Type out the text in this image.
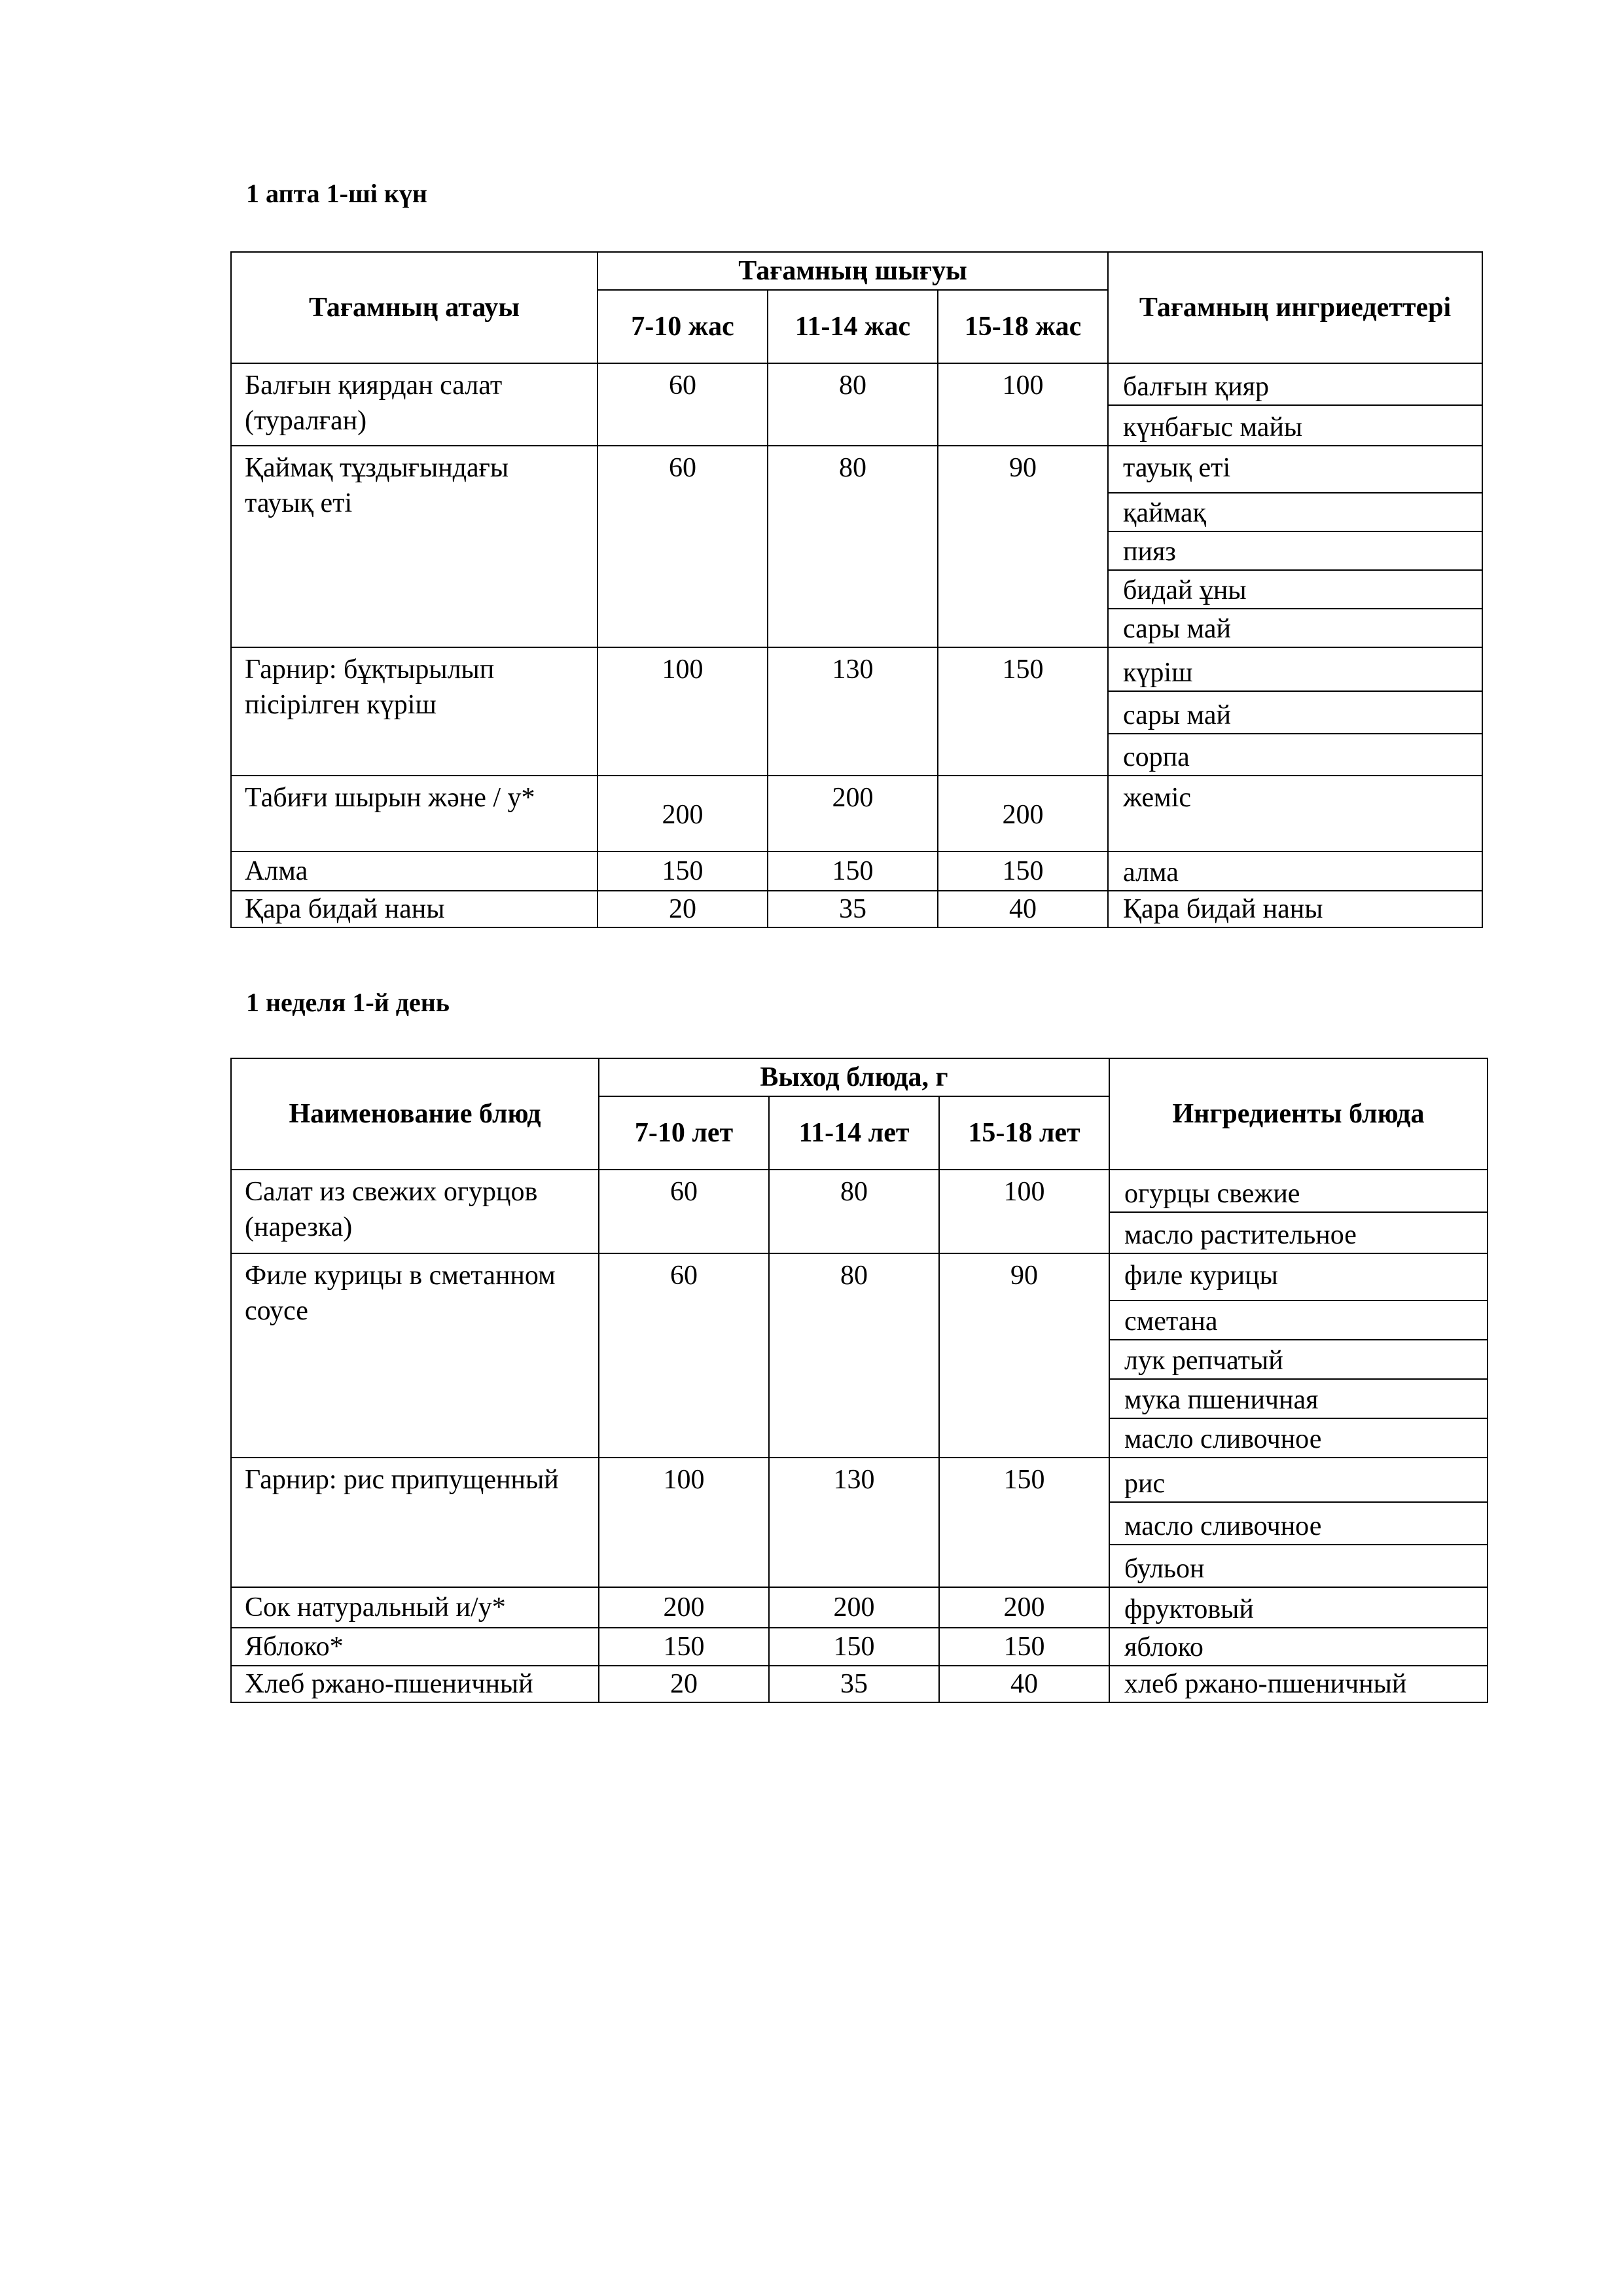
1 апта 1-ші күн
Тағамның атауы	Тағамның шығуы			Тағамның ингриедеттері
	7-10 жас	11-14 жас	15-18 жас	
Балғын қиярдан салат (туралған)	60	80	100	балғын қияр
күнбағыс майы

Қаймақ тұздығындағы тауық еті	60	80	90	тауық еті
қаймақ
пияз
бидай ұны
сары май

Гарнир: бұқтырылып пісірілген күріш	100	130	150	күріш
сары май
сорпа

Табиғи шырын және / у*	200	200	200	жеміс

Алма	150	150	150	алма

Қара бидай наны	20	35	40	Қара бидай наны
1 неделя 1-й день
Наименование блюд	Выход блюда, г			Ингредиенты блюда
	7-10 лет	11-14 лет	15-18 лет	
Салат из свежих огурцов (нарезка)	60	80	100	огурцы свежие
масло растительное

Филе курицы в сметанном соусе	60	80	90	филе курицы
сметана
лук репчатый
мука пшеничная
масло сливочное

Гарнир: рис припущенный	100	130	150	рис
масло сливочное
бульон

Сок натуральный и/у*	200	200	200	фруктовый

Яблоко*	150	150	150	яблоко

Хлеб ржано-пшеничный	20	35	40	хлеб ржано-пшеничный
